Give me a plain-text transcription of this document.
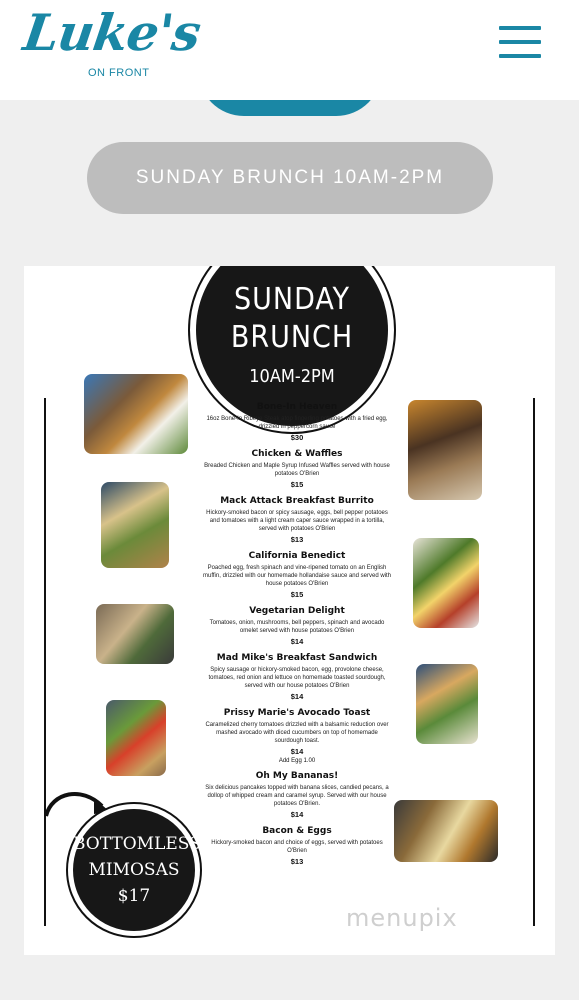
Luke's
ON FRONT
SUNDAY BRUNCH 10AM-2PM
SUNDAY
BRUNCH
10AM-2PM
Bone-In Heaven
16oz Bone-In Ribeye Steak atop fingerling potatoes with a fried egg, drizzled in peppercorn sauce
$30
Chicken & Waffles
Breaded Chicken and Maple Syrup Infused Waffles served with house potatoes O'Brien
$15
Mack Attack Breakfast Burrito
Hickory-smoked bacon or spicy sausage, eggs, bell pepper potatoes and tomatoes with a light cream caper sauce wrapped in a tortilla, served with potatoes O'Brien
$13
California Benedict
Poached egg, fresh spinach and vine-ripened tomato on an English muffin, drizzled with our homemade hollandaise sauce and served with house potatoes O'Brien
$15
Vegetarian Delight
Tomatoes, onion, mushrooms, bell peppers, spinach and avocado omelet served with house potatoes O'Brien
$14
Mad Mike's Breakfast Sandwich
Spicy sausage or hickory-smoked bacon, egg, provolone cheese, tomatoes, red onion and lettuce on homemade toasted sourdough, served with our house potatoes O'Brien
$14
Prissy Marie's Avocado Toast
Caramelized cherry tomatoes drizzled with a balsamic reduction over mashed avocado with diced cucumbers on top of homemade sourdough toast.
$14
Add Egg 1.00
Oh My Bananas!
Six delicious pancakes topped with banana slices, candied pecans, a dollop of whipped cream and caramel syrup. Served with our house potatoes O'Brien.
$14
Bacon & Eggs
Hickory-smoked bacon and choice of eggs, served with potatoes O'Brien
$13
BOTTOMLESS
MIMOSAS
$17
menupix
